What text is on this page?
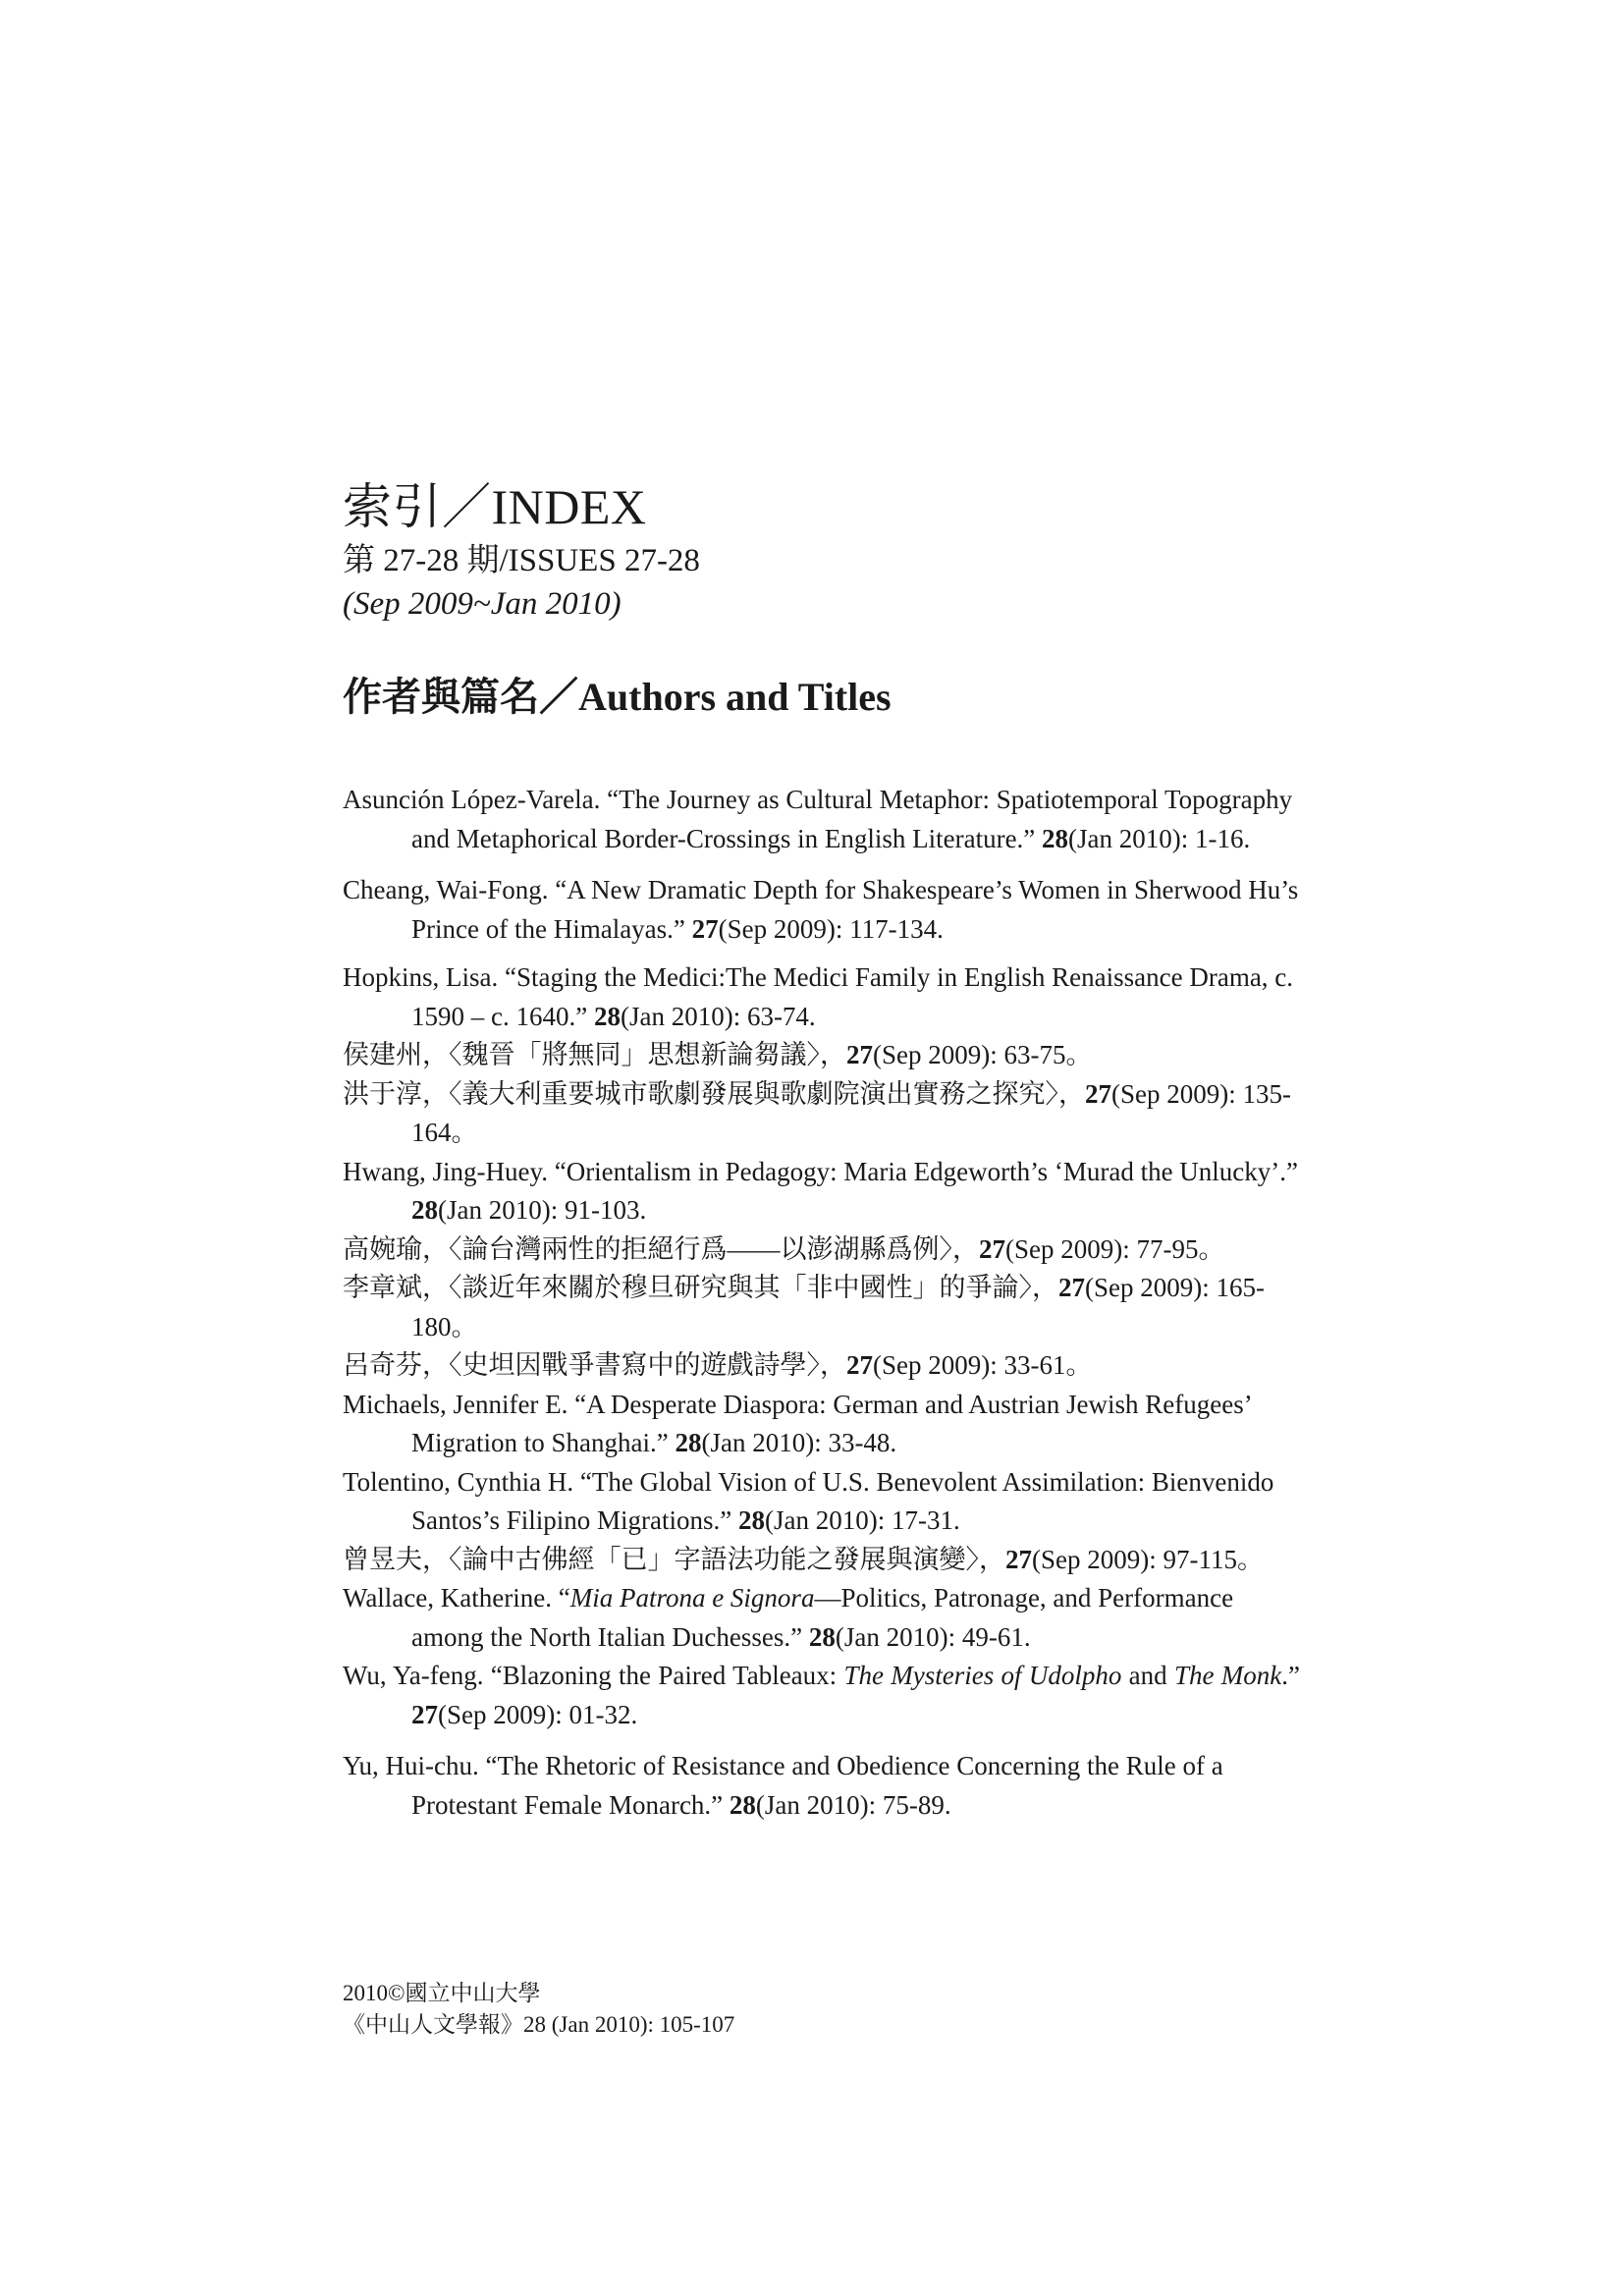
索引／INDEX
第 27-28 期/ISSUES 27-28
(Sep 2009~Jan 2010)
作者與篇名／Authors and Titles
Asunción López-Varela. “The Journey as Cultural Metaphor: Spatiotemporal Topography and Metaphorical Border-Crossings in English Literature.” 28(Jan 2010): 1-16.
Cheang, Wai-Fong. “A New Dramatic Depth for Shakespeare’s Women in Sherwood Hu’s Prince of the Himalayas.” 27(Sep 2009): 117-134.
Hopkins, Lisa. “Staging the Medici:The Medici Family in English Renaissance Drama, c. 1590 – c. 1640.” 28(Jan 2010): 63-74.
侯建州，〈魏晉「將無同」思想新論芻議〉，27(Sep 2009): 63-75。
洪于淳，〈義大利重要城市歌劇發展與歌劇院演出實務之探究〉，27(Sep 2009): 135-164。
Hwang, Jing-Huey. “Orientalism in Pedagogy: Maria Edgeworth’s ‘Murad the Unlucky’.” 28(Jan 2010): 91-103.
高婉瑜，〈論台灣兩性的拒絕行爲——以澎湖縣爲例〉，27(Sep 2009): 77-95。
李章斌，〈談近年來關於穆旦研究與其「非中國性」的爭論〉，27(Sep 2009): 165-180。
呂奇芬，〈史坦因戰爭書寫中的遊戲詩學〉，27(Sep 2009): 33-61。
Michaels, Jennifer E. “A Desperate Diaspora: German and Austrian Jewish Refugees’ Migration to Shanghai.” 28(Jan 2010): 33-48.
Tolentino, Cynthia H. “The Global Vision of U.S. Benevolent Assimilation: Bienvenido Santos’s Filipino Migrations.” 28(Jan 2010): 17-31.
曾昱夫，〈論中古佛經「已」字語法功能之發展與演變〉，27(Sep 2009): 97-115。
Wallace, Katherine. “Mia Patrona e Signora—Politics, Patronage, and Performance among the North Italian Duchesses.” 28(Jan 2010): 49-61.
Wu, Ya-feng. “Blazoning the Paired Tableaux: The Mysteries of Udolpho and The Monk.” 27(Sep 2009): 01-32.
Yu, Hui-chu. “The Rhetoric of Resistance and Obedience Concerning the Rule of a Protestant Female Monarch.” 28(Jan 2010): 75-89.
2010©國立中山大學
《中山人文學報》28 (Jan 2010): 105-107
